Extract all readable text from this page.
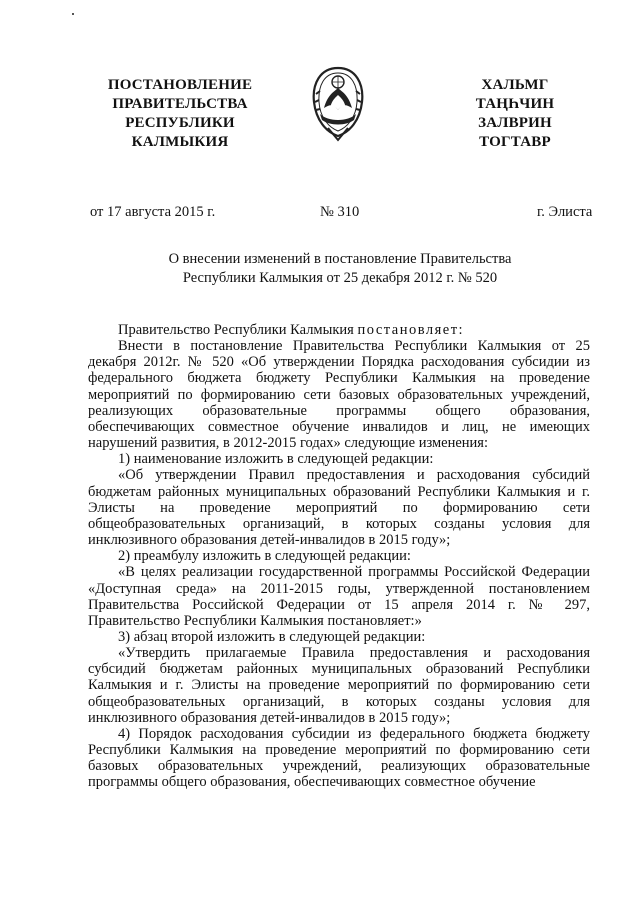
ПОСТАНОВЛЕНИЕ
ПРАВИТЕЛЬСТВА
РЕСПУБЛИКИ
КАЛМЫКИЯ
ХАЛЬМГ
ТАҢҺЧИН
ЗАЛВРИН
ТОГТАВР
от 17 августа 2015 г.	№ 310	г. Элиста
О внесении изменений в постановление Правительства
Республики Калмыкия от 25 декабря 2012 г. № 520

Правительство Республики Калмыкия постановляет:

Внести в постановление Правительства Республики Калмыкия от 25 декабря 2012г. № 520 «Об утверждении Порядка расходования субсидии из федерального бюджета бюджету Республики Калмыкия на проведение мероприятий по формированию сети базовых образовательных учреждений, реализующих образовательные программы общего образования, обеспечивающих совместное обучение инвалидов и лиц, не имеющих нарушений развития, в 2012-2015 годах» следующие изменения:

1) наименование изложить в следующей редакции:

«Об утверждении Правил предоставления и расходования субсидий бюджетам районных муниципальных образований Республики Калмыкия и г. Элисты на проведение мероприятий по формированию сети общеобразовательных организаций, в которых созданы условия для инклюзивного образования детей-инвалидов в 2015 году»;

2) преамбулу изложить в следующей редакции:

«В целях реализации государственной программы Российской Федерации «Доступная среда» на 2011-2015 годы, утвержденной постановлением Правительства Российской Федерации от 15 апреля 2014 г. № 297, Правительство Республики Калмыкия постановляет:»

3) абзац второй изложить в следующей редакции:

«Утвердить прилагаемые Правила предоставления и расходования субсидий бюджетам районных муниципальных образований Республики Калмыкия и г. Элисты на проведение мероприятий по формированию сети общеобразовательных организаций, в которых созданы условия для инклюзивного образования детей-инвалидов в 2015 году»;

4) Порядок расходования субсидии из федерального бюджета бюджету Республики Калмыкия на проведение мероприятий по формированию сети базовых образовательных учреждений, реализующих образовательные программы общего образования, обеспечивающих совместное обучение
